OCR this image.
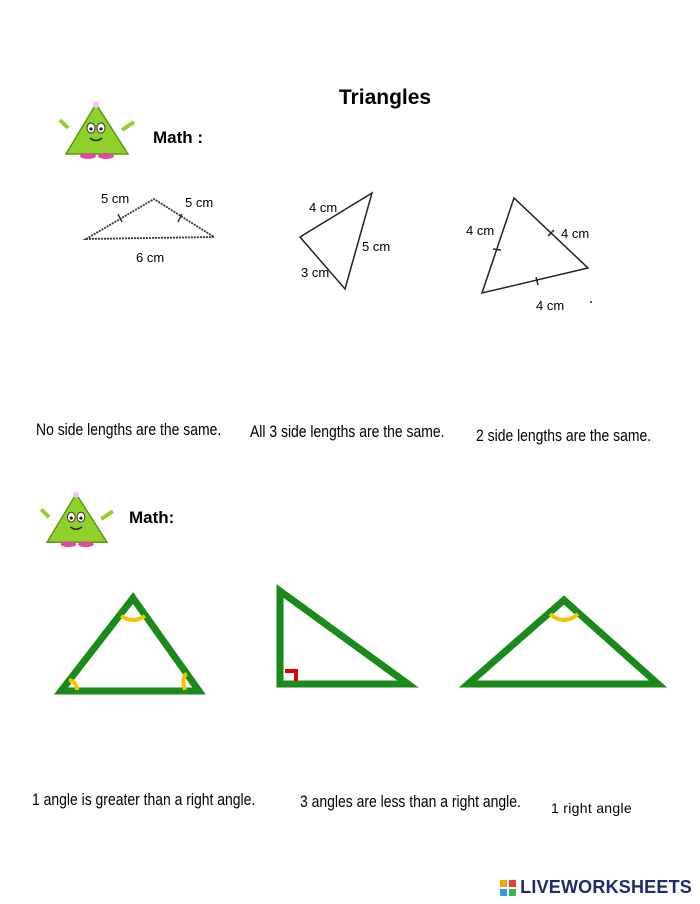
Triangles
Math :
5 cm	5 cm
6 cm
4 cm
5 cm
3 cm
4 cm	4 cm
4 cm
No side lengths are the same. All 3 side lengths are the same. 2 side lengths are the same.
Math:
1 angle is greater than a right angle.	3 angles are less than a right angle. 1 right angle
LIVEWORKSHEETS
